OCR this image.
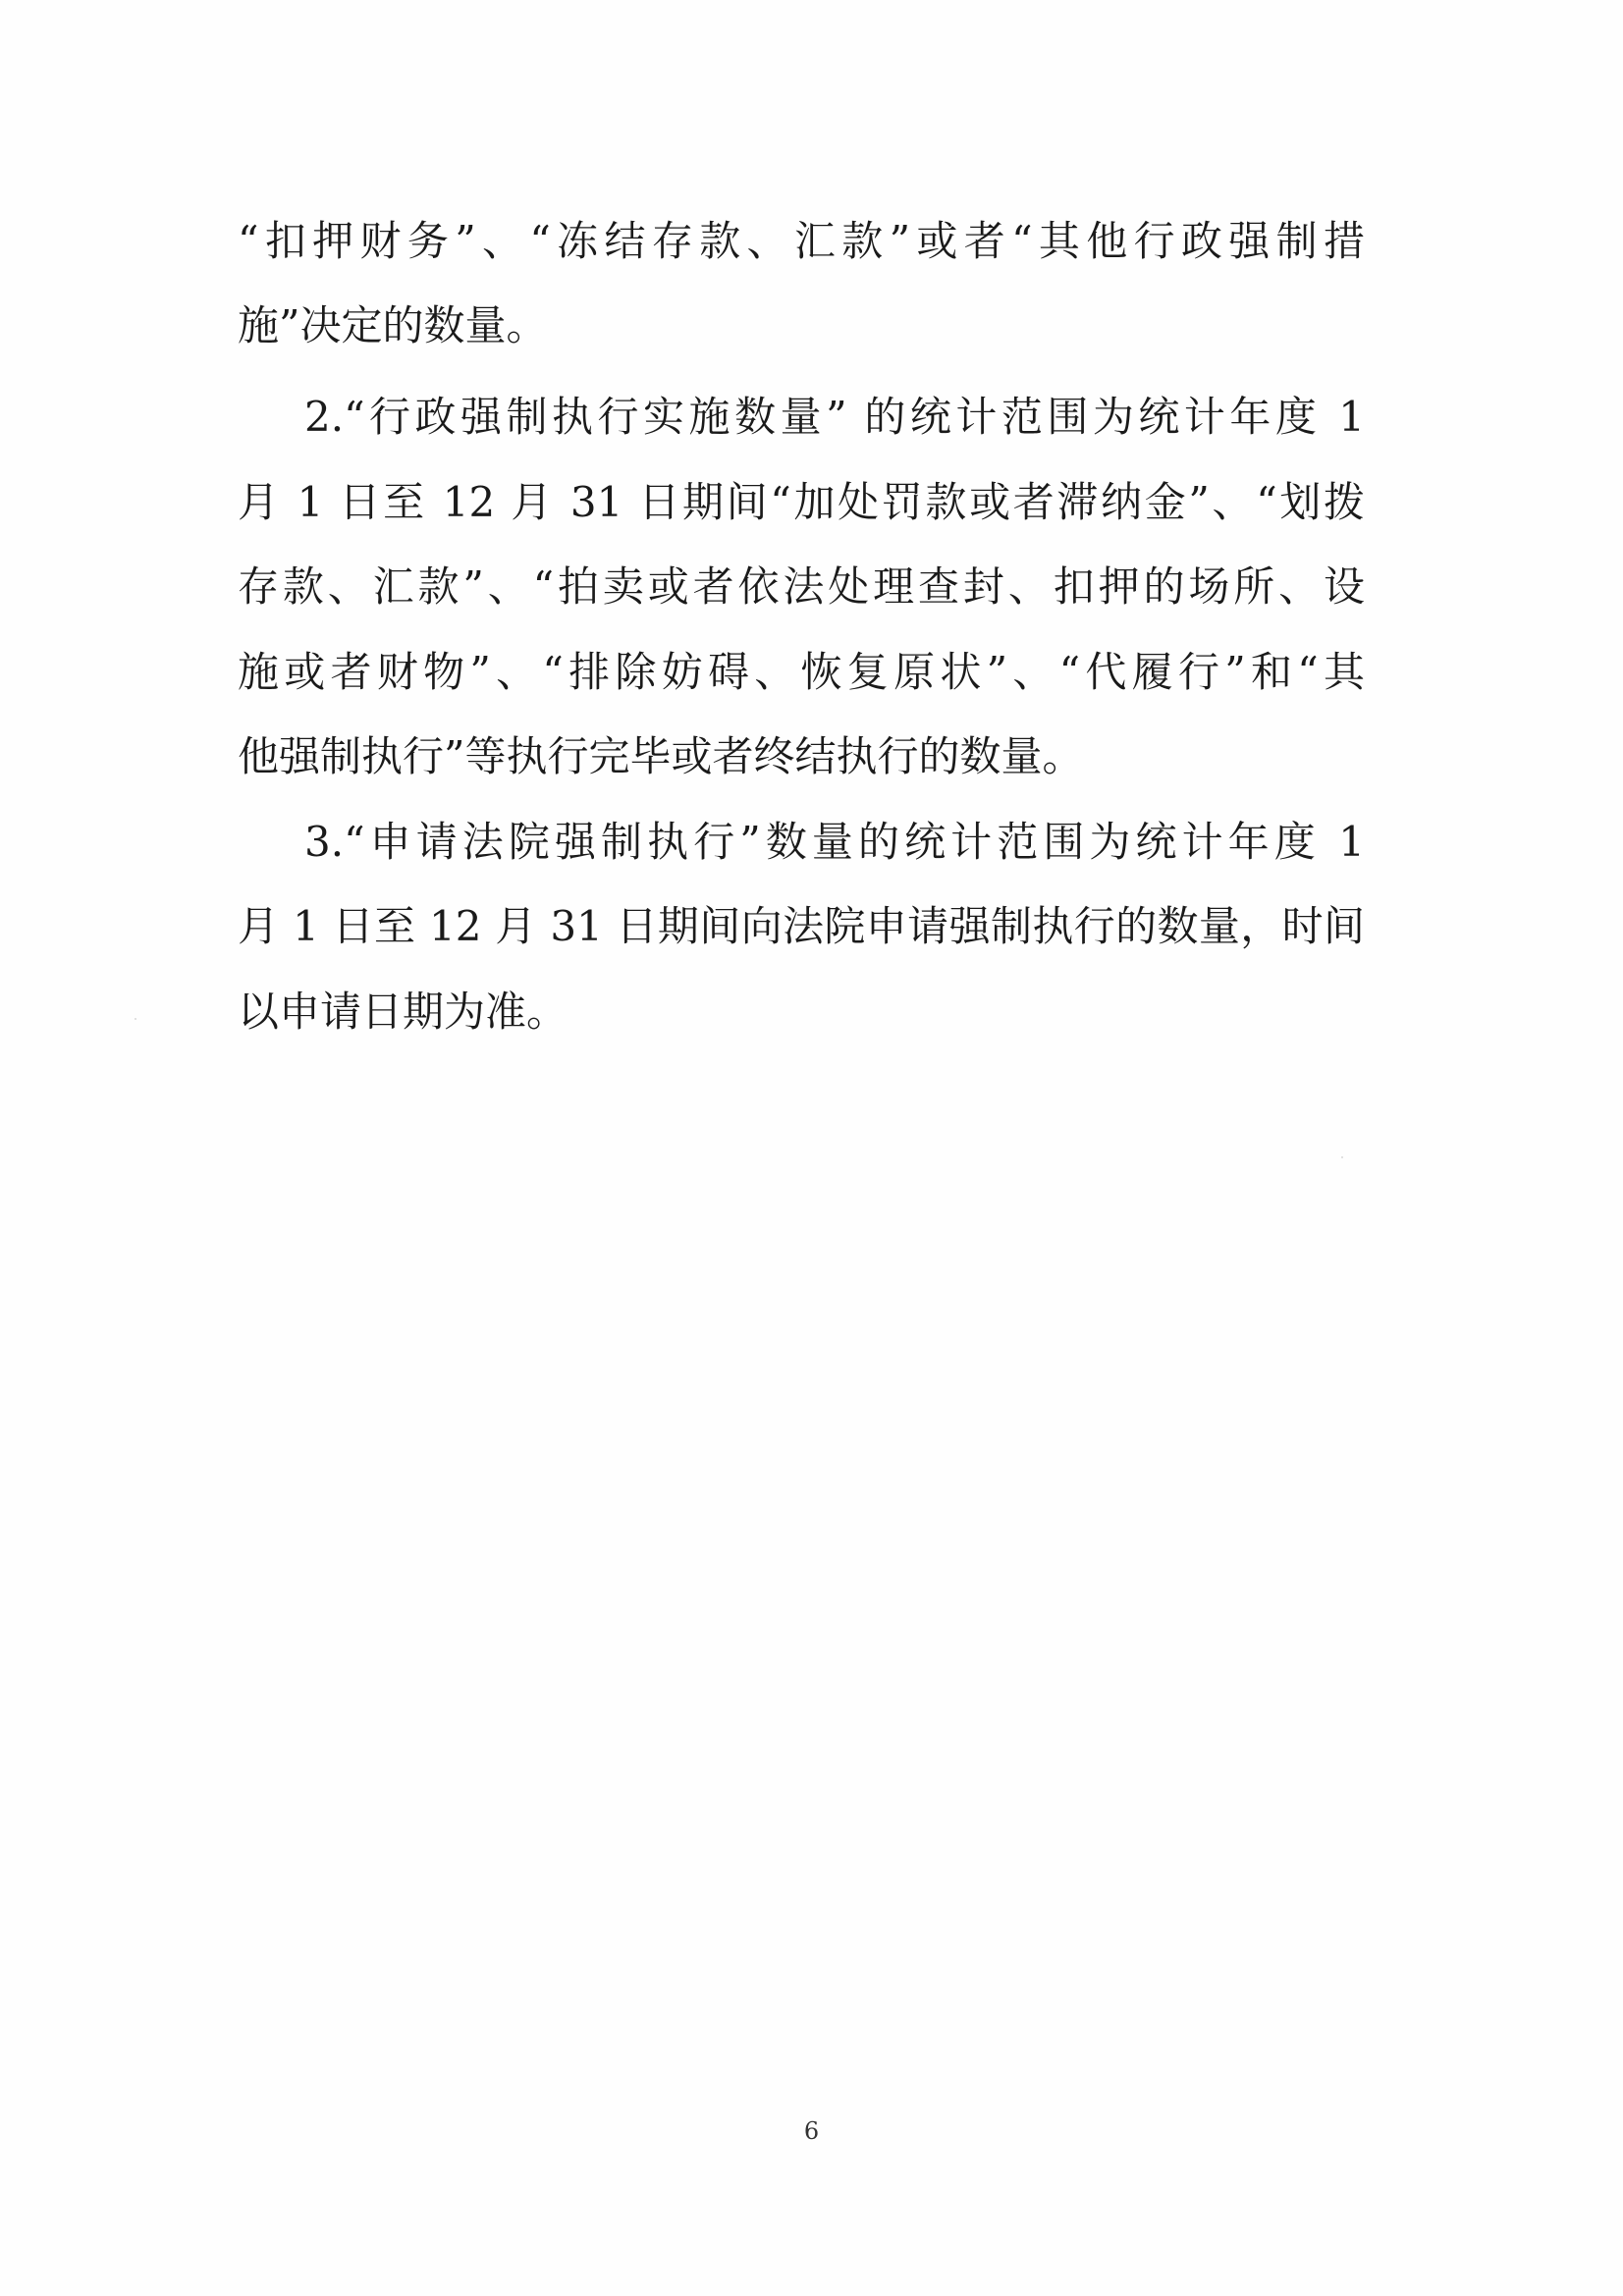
“扣押财务”、“冻结存款、汇款”或者“其他行政强制措

施”决定的数量。

2.“行政强制执行实施数量” 的统计范围为统计年度 1

月 1 日至 12 月 31 日期间“加处罚款或者滞纳金”、“划拨

存款、汇款”、“拍卖或者依法处理查封、扣押的场所、设

施或者财物”、“排除妨碍、恢复原状”、“代履行”和“其

他强制执行”等执行完毕或者终结执行的数量。

3.“申请法院强制执行”数量的统计范围为统计年度 1

月 1 日至 12 月 31 日期间向法院申请强制执行的数量，时间

以申请日期为准。

6
